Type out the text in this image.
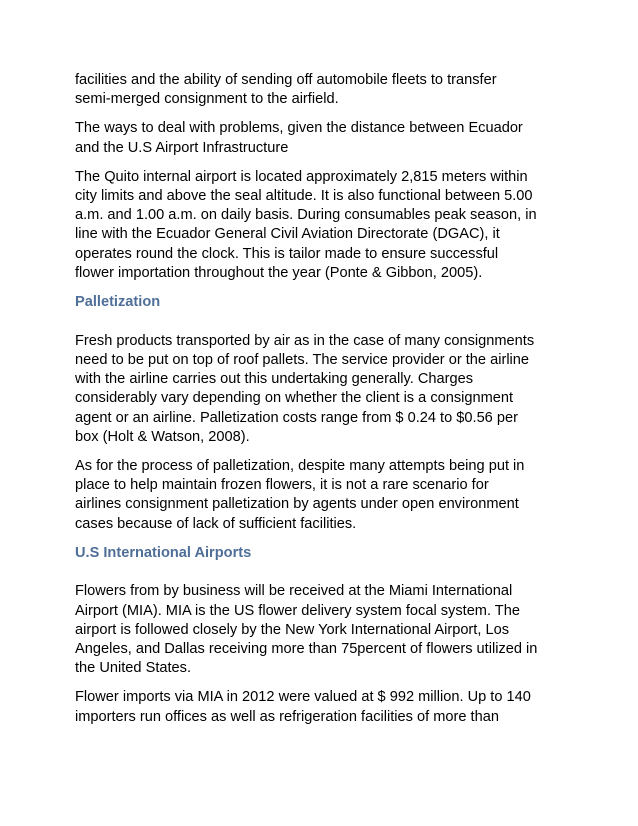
facilities and the ability of sending off automobile fleets to transfer
semi-merged consignment to the airfield.
The ways to deal with problems, given the distance between Ecuador
and the U.S Airport Infrastructure
The Quito internal airport is located approximately 2,815 meters within
city limits and above the seal altitude. It is also functional between 5.00
a.m. and 1.00 a.m. on daily basis. During consumables peak season, in
line with the Ecuador General Civil Aviation Directorate (DGAC), it
operates round the clock. This is tailor made to ensure successful
flower importation throughout the year (Ponte & Gibbon, 2005).
Palletization
Fresh products transported by air as in the case of many consignments
need to be put on top of roof pallets. The service provider or the airline
with the airline carries out this undertaking generally. Charges
considerably vary depending on whether the client is a consignment
agent or an airline. Palletization costs range from $ 0.24 to $0.56 per
box (Holt & Watson, 2008).
As for the process of palletization, despite many attempts being put in
place to help maintain frozen flowers, it is not a rare scenario for
airlines consignment palletization by agents under open environment
cases because of lack of sufficient facilities.
U.S International Airports
Flowers from by business will be received at the Miami International
Airport (MIA). MIA is the US flower delivery system focal system. The
airport is followed closely by the New York International Airport, Los
Angeles, and Dallas receiving more than 75percent of flowers utilized in
the United States.
Flower imports via MIA in 2012 were valued at $ 992 million. Up to 140
importers run offices as well as refrigeration facilities of more than
